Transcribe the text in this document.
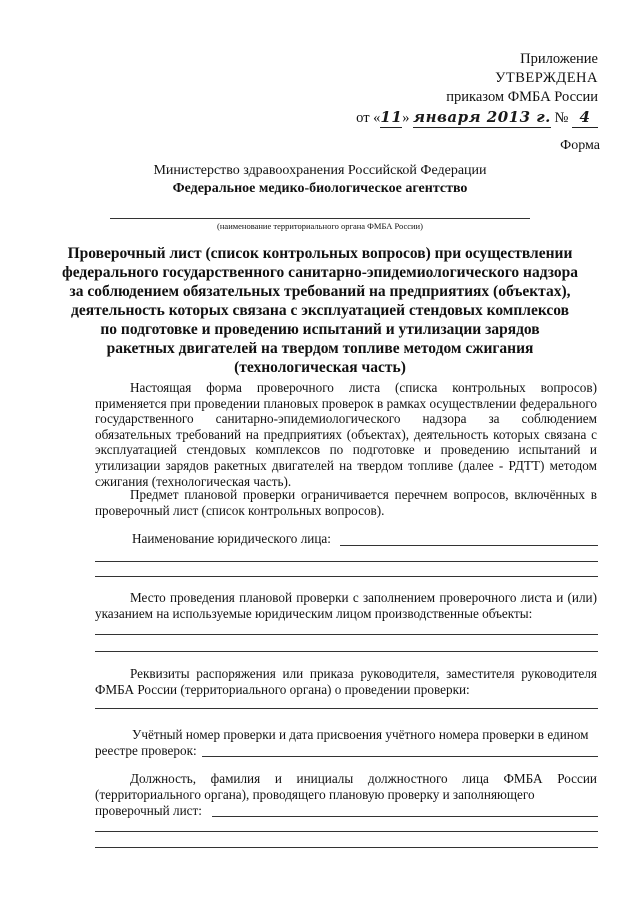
Приложение
УТВЕРЖДЕНА
приказом ФМБА России
от «11» января 2013 г. № 4
Форма
Министерство здравоохранения Российской Федерации
Федеральное медико-биологическое агентство
(наименование территориального органа ФМБА России)
Проверочный лист (список контрольных вопросов) при осуществлении
федерального государственного санитарно-эпидемиологического надзора
за соблюдением обязательных требований на предприятиях (объектах),
деятельность которых связана с эксплуатацией стендовых комплексов
по подготовке и проведению испытаний и утилизации зарядов
ракетных двигателей на твердом топливе методом сжигания
(технологическая часть)
Настоящая форма проверочного листа (списка контрольных вопросов) применяется при проведении плановых проверок в рамках осуществлении федерального государственного санитарно-эпидемиологического надзора за соблюдением обязательных требований на предприятиях (объектах), деятельность которых связана с эксплуатацией стендовых комплексов по подготовке и проведению испытаний и утилизации зарядов ракетных двигателей на твердом топливе (далее - РДТТ) методом сжигания (технологическая часть).
Предмет плановой проверки ограничивается перечнем вопросов, включённых в проверочный лист (список контрольных вопросов).
Наименование юридического лица:
Место проведения плановой проверки с заполнением проверочного листа и (или) указанием на используемые юридическим лицом производственные объекты:
Реквизиты распоряжения или приказа руководителя, заместителя руководителя ФМБА России (территориального органа) о проведении проверки:
Учётный номер проверки и дата присвоения учётного номера проверки в едином
реестре проверок:
Должность, фамилия и инициалы должностного лица ФМБА России
(территориального органа), проводящего плановую проверку и заполняющего
проверочный лист:
